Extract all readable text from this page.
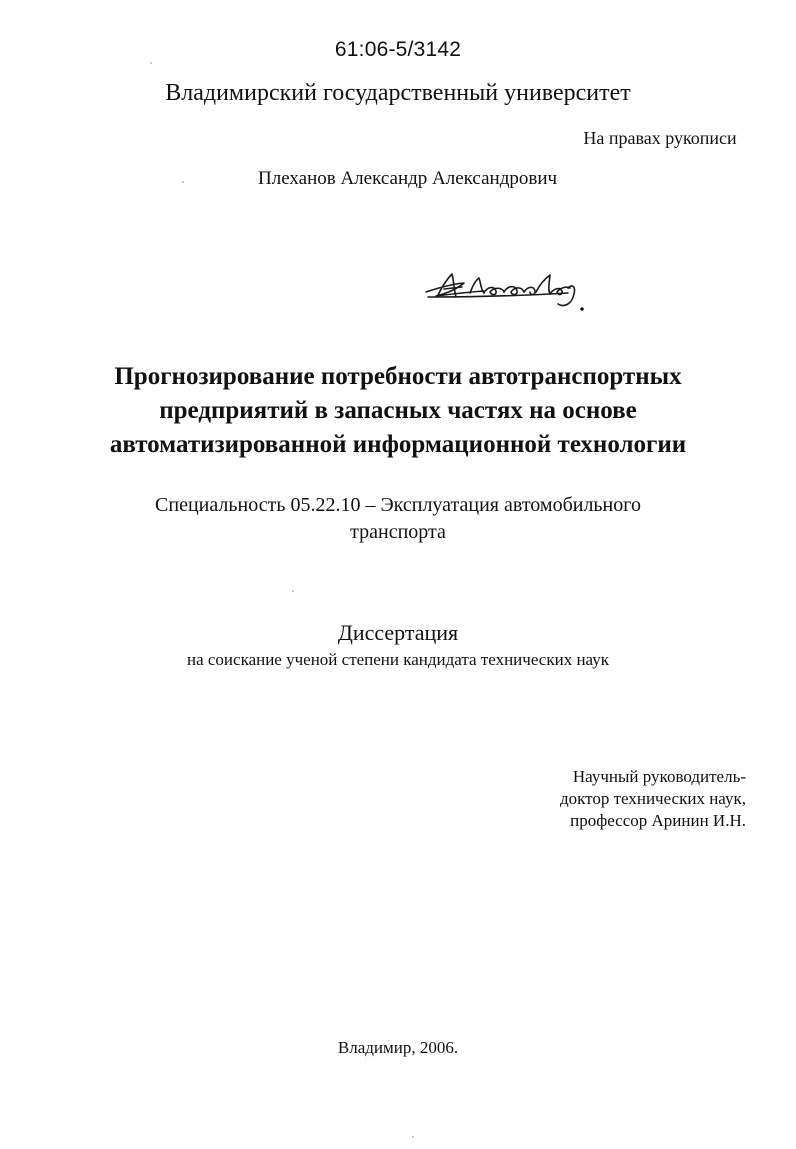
61:06-5/3142
Владимирский государственный университет
На правах рукописи
Плеханов Александр Александрович
Прогнозирование потребности автотранспортных
предприятий в запасных частях на основе
автоматизированной информационной технологии
Специальность 05.22.10 – Эксплуатация автомобильного
транспорта
Диссертация
на соискание ученой степени кандидата технических наук
Научный руководитель-
доктор технических наук,
профессор Аринин И.Н.
Владимир, 2006.
